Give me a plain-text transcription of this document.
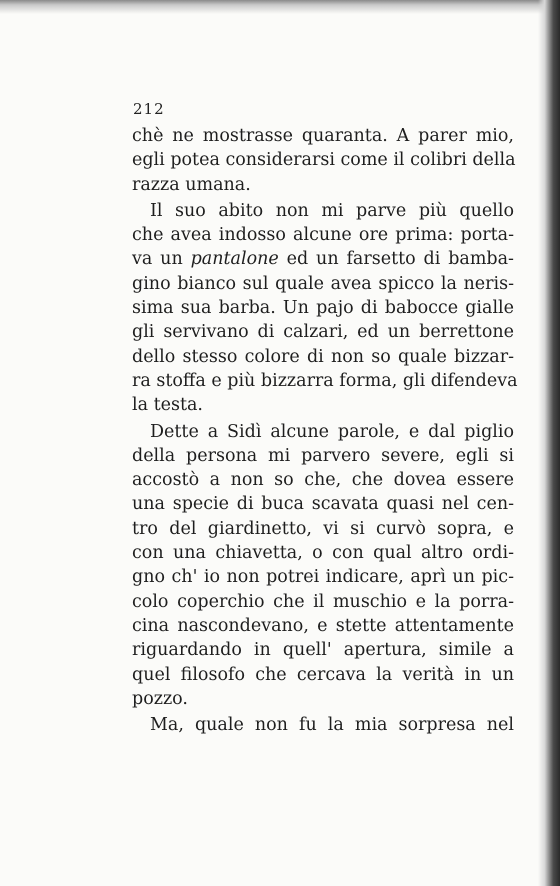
212
chè ne mostrasse quaranta. A parer mio,
egli potea considerarsi come il colibri della
razza umana.
Il suo abito non mi parve più quello
che avea indosso alcune ore prima: porta-
va un pantalone ed un farsetto di bamba-
gino bianco sul quale avea spicco la neris-
sima sua barba. Un pajo di babocce gialle
gli servivano di calzari, ed un berrettone
dello stesso colore di non so quale bizzar-
ra stoffa e più bizzarra forma, gli difendeva
la testa.
Dette a Sidì alcune parole, e dal piglio
della persona mi parvero severe, egli si
accostò a non so che, che dovea essere
una specie di buca scavata quasi nel cen-
tro del giardinetto, vi si curvò sopra, e
con una chiavetta, o con qual altro ordi-
gno ch' io non potrei indicare, aprì un pic-
colo coperchio che il muschio e la porra-
cina nascondevano, e stette attentamente
riguardando in quell' apertura, simile a
quel filosofo che cercava la verità in un
pozzo.
Ma, quale non fu la mia sorpresa nel
